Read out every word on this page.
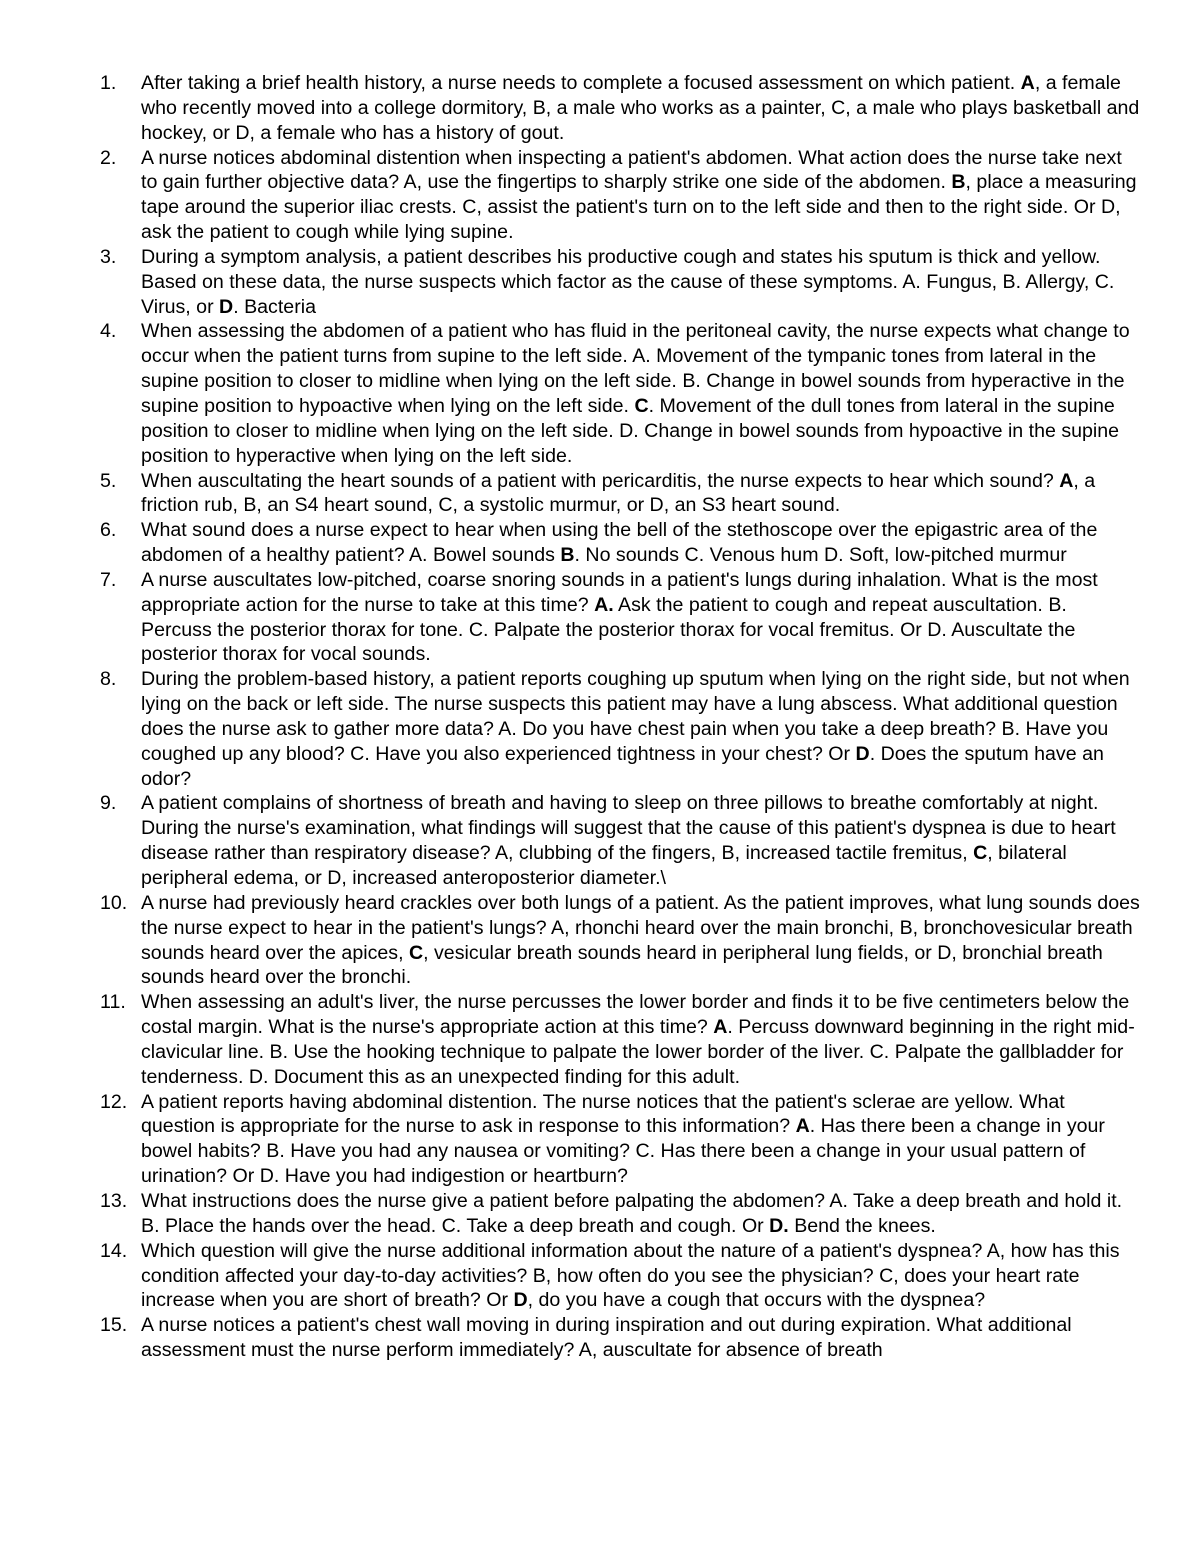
1.	After taking a brief health history, a nurse needs to complete a focused assessment on which patient. A, a female who recently moved into a college dormitory, B, a male who works as a painter, C, a male who plays basketball and hockey, or D, a female who has a history of gout.
2.	A nurse notices abdominal distention when inspecting a patient's abdomen. What action does the nurse take next to gain further objective data? A, use the fingertips to sharply strike one side of the abdomen. B, place a measuring tape around the superior iliac crests. C, assist the patient's turn on to the left side and then to the right side. Or D, ask the patient to cough while lying supine.
3.	During a symptom analysis, a patient describes his productive cough and states his sputum is thick and yellow. Based on these data, the nurse suspects which factor as the cause of these symptoms. A. Fungus, B. Allergy, C. Virus, or D. Bacteria
4.	When assessing the abdomen of a patient who has fluid in the peritoneal cavity, the nurse expects what change to occur when the patient turns from supine to the left side. A. Movement of the tympanic tones from lateral in the supine position to closer to midline when lying on the left side. B. Change in bowel sounds from hyperactive in the supine position to hypoactive when lying on the left side. C. Movement of the dull tones from lateral in the supine position to closer to midline when lying on the left side. D. Change in bowel sounds from hypoactive in the supine position to hyperactive when lying on the left side.
5.	When auscultating the heart sounds of a patient with pericarditis, the nurse expects to hear which sound? A, a friction rub, B, an S4 heart sound, C, a systolic murmur, or D, an S3 heart sound.
6.	What sound does a nurse expect to hear when using the bell of the stethoscope over the epigastric area of the abdomen of a healthy patient? A. Bowel sounds B. No sounds C. Venous hum D. Soft, low-pitched murmur
7.	A nurse auscultates low-pitched, coarse snoring sounds in a patient's lungs during inhalation. What is the most appropriate action for the nurse to take at this time? A. Ask the patient to cough and repeat auscultation. B. Percuss the posterior thorax for tone. C. Palpate the posterior thorax for vocal fremitus. Or D. Auscultate the posterior thorax for vocal sounds.
8.	During the problem-based history, a patient reports coughing up sputum when lying on the right side, but not when lying on the back or left side. The nurse suspects this patient may have a lung abscess. What additional question does the nurse ask to gather more data? A. Do you have chest pain when you take a deep breath? B. Have you coughed up any blood? C. Have you also experienced tightness in your chest? Or D. Does the sputum have an odor?
9.	A patient complains of shortness of breath and having to sleep on three pillows to breathe comfortably at night. During the nurse's examination, what findings will suggest that the cause of this patient's dyspnea is due to heart disease rather than respiratory disease? A, clubbing of the fingers, B, increased tactile fremitus, C, bilateral peripheral edema, or D, increased anteroposterior diameter.\
10. A nurse had previously heard crackles over both lungs of a patient. As the patient improves, what lung sounds does the nurse expect to hear in the patient's lungs? A, rhonchi heard over the main bronchi, B, bronchovesicular breath sounds heard over the apices, C, vesicular breath sounds heard in peripheral lung fields, or D, bronchial breath sounds heard over the bronchi.
11. When assessing an adult's liver, the nurse percusses the lower border and finds it to be five centimeters below the costal margin. What is the nurse's appropriate action at this time? A. Percuss downward beginning in the right mid-clavicular line. B. Use the hooking technique to palpate the lower border of the liver. C. Palpate the gallbladder for tenderness. D. Document this as an unexpected finding for this adult.
12. A patient reports having abdominal distention. The nurse notices that the patient's sclerae are yellow. What question is appropriate for the nurse to ask in response to this information? A. Has there been a change in your bowel habits? B. Have you had any nausea or vomiting? C. Has there been a change in your usual pattern of urination? Or D. Have you had indigestion or heartburn?
13. What instructions does the nurse give a patient before palpating the abdomen? A. Take a deep breath and hold it. B. Place the hands over the head. C. Take a deep breath and cough. Or D. Bend the knees.
14. Which question will give the nurse additional information about the nature of a patient's dyspnea? A, how has this condition affected your day-to-day activities? B, how often do you see the physician? C, does your heart rate increase when you are short of breath? Or D, do you have a cough that occurs with the dyspnea?
15. A nurse notices a patient's chest wall moving in during inspiration and out during expiration. What additional assessment must the nurse perform immediately? A, auscultate for absence of breath
